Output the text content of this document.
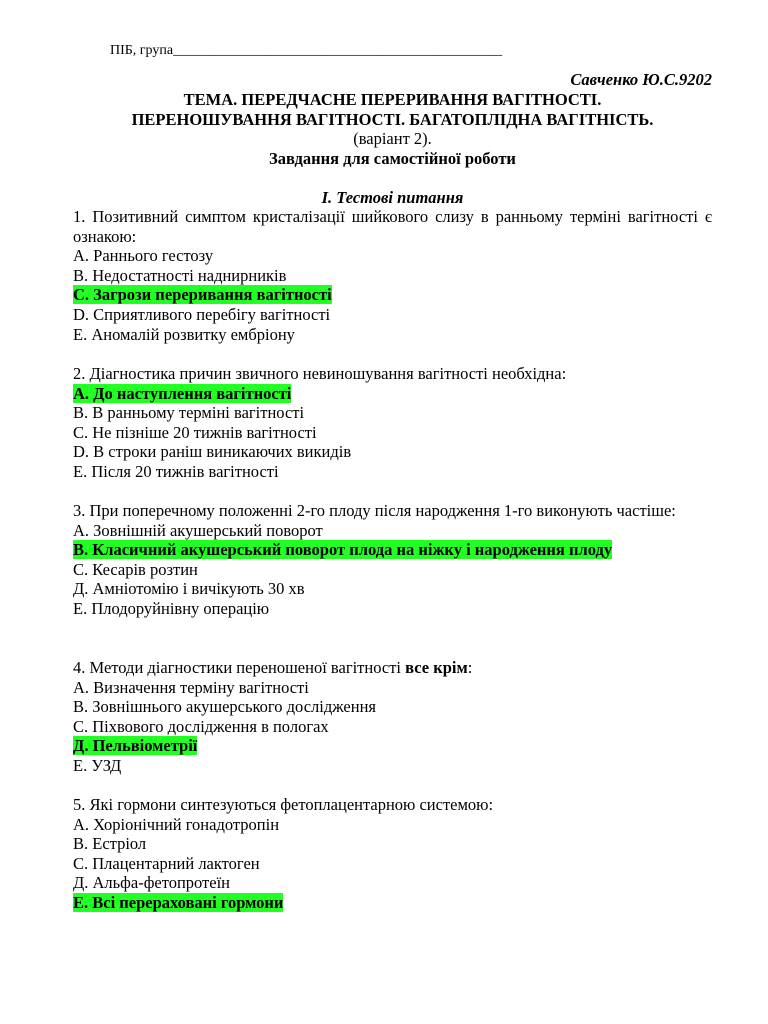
ПІБ, група_______________________________________________
Савченко Ю.С.9202
ТЕМА. ПЕРЕДЧАСНЕ ПЕРЕРИВАННЯ ВАГІТНОСТІ.
ПЕРЕНОШУВАННЯ ВАГІТНОСТІ. БАГАТОПЛІДНА ВАГІТНІСТЬ.
(варіант 2).
Завдання для самостійної роботи
I. Тестові питання
1. Позитивний симптом кристалізації шийкового слизу в ранньому терміні вагітності є ознакою:
А. Раннього гестозу
В. Недостатності наднирників
С. Загрози переривання вагітності
D. Сприятливого перебігу вагітності
E. Аномалій розвитку ембріону
2. Діагностика причин звичного невиношування вагітності необхідна:
А. До наступлення вагітності
В. В ранньому терміні вагітності
С. Не пізніше 20 тижнів вагітності
D. В строки раніш виникаючих викидів
E. Після 20 тижнів вагітності
3. При поперечному положенні 2-го плоду після народження 1-го виконують частіше:
А. Зовнішній акушерський поворот
В. Класичний акушерський поворот плода на ніжку і народження плоду
С. Кесарів розтин
Д. Амніотомію і вичікують 30 хв
Е. Плодоруйнівну операцію
4. Методи діагностики переношеної вагітності все крім:
А. Визначення терміну вагітності
В. Зовнішнього акушерського дослідження
С. Піхвового дослідження в пологах
Д. Пельвіометрії
Е. УЗД
5. Які гормони синтезуються фетоплацентарною системою:
А. Хоріонічний гонадотропін
В. Естріол
С. Плацентарний лактоген
Д. Альфа-фетопротеїн
Е. Всі перераховані гормони
